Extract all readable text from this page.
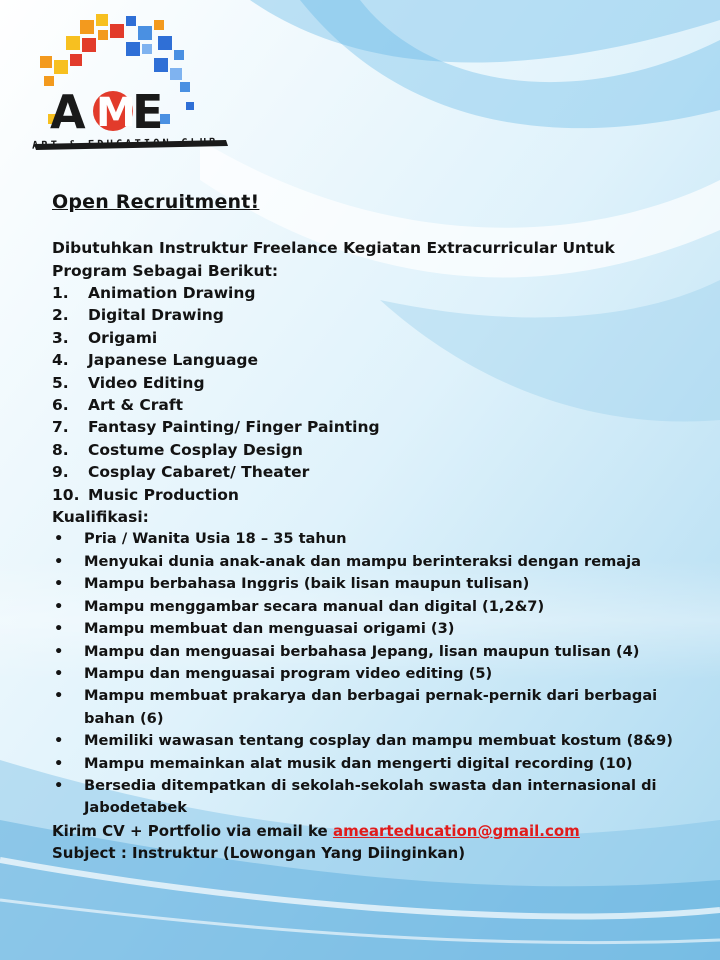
A M
E
ART & EDUCATION CLUB
Open Recruitment!
Dibutuhkan Instruktur Freelance Kegiatan Extracurricular Untuk Program Sebagai Berikut:
1.	Animation Drawing
2.	Digital Drawing
3.	Origami
4.	Japanese Language
5.	Video Editing
6.	Art & Craft
7.	Fantasy Painting/ Finger Painting
8.	Costume Cosplay Design
9.	Cosplay Cabaret/ Theater
10. Music Production
Kualifikasi:
•	Pria / Wanita Usia 18 – 35 tahun
•	Menyukai dunia anak-anak dan mampu berinteraksi dengan remaja
•	Mampu berbahasa Inggris (baik lisan maupun tulisan)
•	Mampu menggambar secara manual dan digital (1,2&7)
•	Mampu membuat dan menguasai origami (3)
•	Mampu dan menguasai berbahasa Jepang, lisan maupun tulisan (4)
•	Mampu dan menguasai program video editing (5)
•	Mampu membuat prakarya dan berbagai pernak-pernik dari berbagai bahan (6)
•	Memiliki wawasan tentang cosplay dan mampu membuat kostum (8&9)
•	Mampu memainkan alat musik dan mengerti digital recording (10)
•	Bersedia ditempatkan di sekolah-sekolah swasta dan internasional di Jabodetabek
Kirim CV + Portfolio via email ke amearteducation@gmail.com
Subject : Instruktur (Lowongan Yang Diinginkan)
